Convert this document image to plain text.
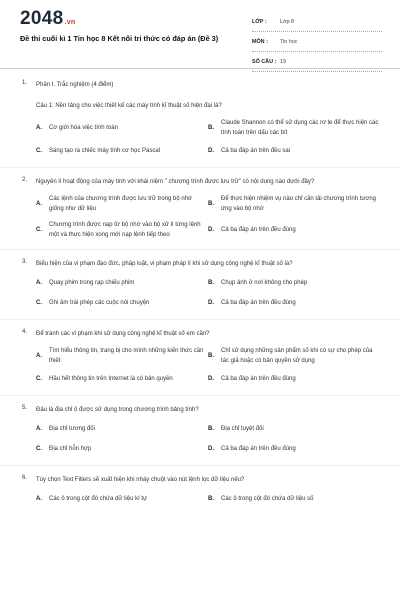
2048.vn
Đề thi cuối kì 1 Tin học 8 Kết nối tri thức có đáp án (Đề 3)
LỚP :	Lớp 8
MÔN :	Tin học
SỐ CÂU : 19
1. Phần I. Trắc nghiệm (4 điểm)
Câu 1: Nền tảng cho việc thiết kế các máy tính kĩ thuật số hiện đại là?
A.	Cơ giới hóa việc tính toán	B.
Claude Shannon có thể sử dụng các rơ le để thực hiện các tính toán trên dấu các bít
C.	Sáng tạo ra chiếc máy tính cơ học Pascal	D.	Cả ba đáp án trên đều sai
2. Nguyên lí hoạt động của máy tính với khái niệm " chương trình được lưu trữ" có nội dung nào dưới đây?
A.
Các lệnh của chương trình được lưu trữ trong bộ nhớ giống như dữ liệu
B.
Để thực hiện nhiệm vụ nào chỉ cần tải chương trình tương ứng vào bộ nhớ
C.
Chương trình được nạp từ bộ nhớ vào bộ xử lí từng lệnh một và thực hiện xong mới nạp lệnh tiếp theo
D.	Cả ba đáp án trên đều đúng
3. Biểu hiện của vi phạm đạo đức, pháp luật, vi phạm pháp lí khi sử dụng công nghệ kĩ thuật số là?
A.	Quay phim trong rạp chiếu phim	B.	Chụp ảnh ở nơi không cho phép
C.	Ghi âm trái phép các cuộc nói chuyện	D.	Cả ba đáp án trên đều đúng
4. Để tránh các vi phạm khi sử dụng công nghệ kĩ thuật số em cần?
A.
Tìm hiểu thông tin, trang bị cho mình những kiến thức cần thiết
B.
Chỉ sử dụng những sản phẩm số khi có sự cho phép của tác giả hoặc có bản quyền sử dụng
C.	Hầu hết thông tin trên Internet là có bản quyền	D.	Cả ba đáp án trên đều đúng
5. Đâu là địa chỉ ô được sử dụng trong chương trình bảng tính?
A.	Địa chỉ tương đối	B.	Địa chỉ tuyệt đối
C.	Địa chỉ hỗn hợp	D.	Cả ba đáp án trên đều đúng
6. Tùy chọn Text Filters sẽ xuất hiện khi nháy chuột vào nút lệnh lọc dữ liệu nếu?
A.	Các ô trong cột đó chứa dữ liệu kí tự	B.	Các ô trong cột đó chứa dữ liệu số
